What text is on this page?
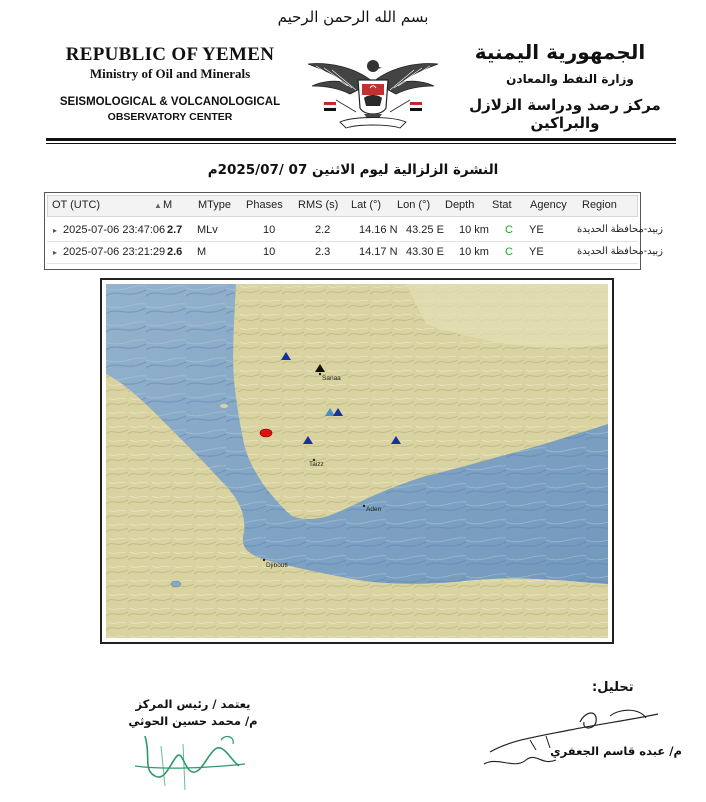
بسم الله الرحمن الرحيم
REPUBLIC OF YEMEN
Ministry of Oil and Minerals
SEISMOLOGICAL & VOLCANOLOGICAL
OBSERVATORY CENTER
الجمهورية اليمنية
وزارة النفط والمعادن
مركز رصد ودراسة الزلازل والبراكين
النشرة الزلزالية ليوم الاثنين 07 /2025/07م
OT (UTC)	▲ M MType Phases RMS (s) Lat (°) Lon (°) Depth Stat Agency Region
▸ 2025-07-06 23:47:06 2.7 MLv	10	2.2	14.16 N 43.25 E 10 km C YE	زبيد-محافظة الحديدة
▸ 2025-07-06 23:21:29 2.6 M	10	2.3	14.17 N 43.30 E 10 km C YE	زبيد-محافظة الحديدة
Sanaa
Taizz
Aden
Djibouti
تحليل:
يعتمد / رئيس المركز
م/ محمد حسين الحوثي
م/ عبده قاسم الجعفري
